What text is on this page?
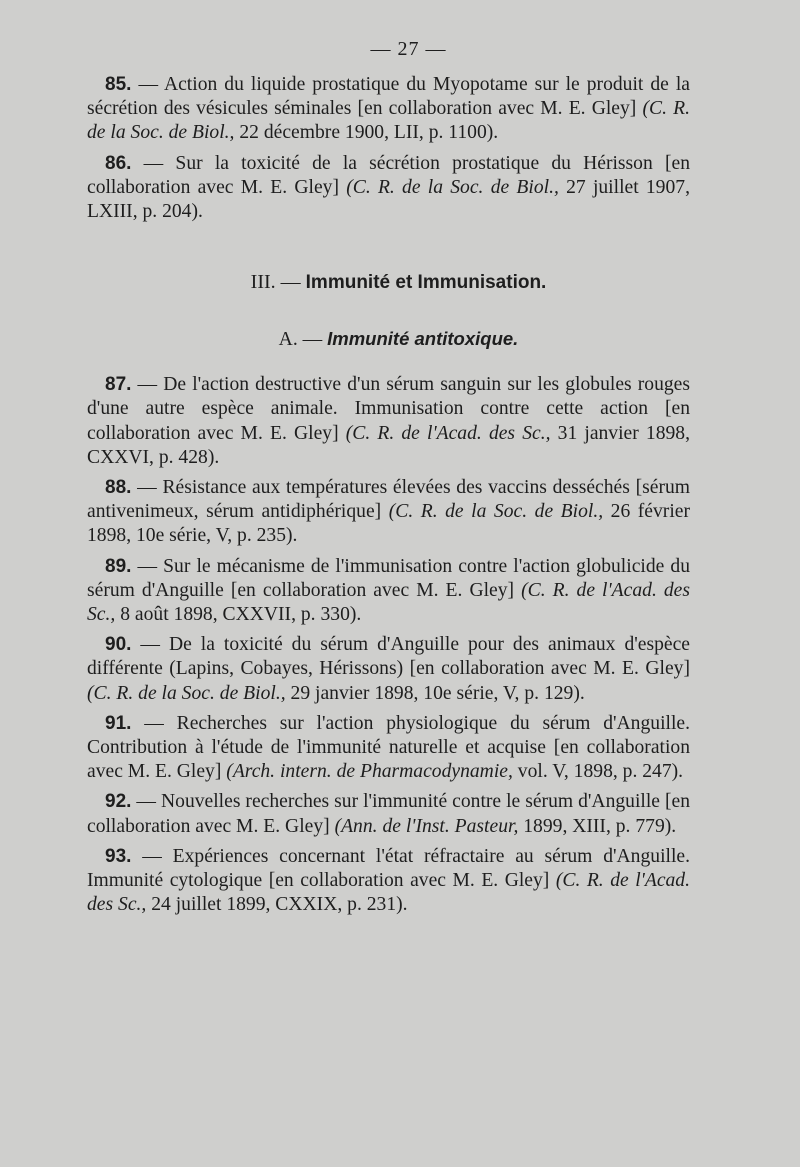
— 27 —

85. — Action du liquide prostatique du Myopotame sur le produit de la sécrétion des vésicules séminales [en collaboration avec M. E. Gley] (C. R. de la Soc. de Biol., 22 décembre 1900, LII, p. 1100).

86. — Sur la toxicité de la sécrétion prostatique du Hérisson [en collaboration avec M. E. Gley] (C. R. de la Soc. de Biol., 27 juillet 1907, LXIII, p. 204).

III. — Immunité et Immunisation.
A. — Immunité antitoxique.

87. — De l'action destructive d'un sérum sanguin sur les globules rouges d'une autre espèce animale. Immunisation contre cette action [en collaboration avec M. E. Gley] (C. R. de l'Acad. des Sc., 31 janvier 1898, CXXVI, p. 428).

88. — Résistance aux températures élevées des vaccins desséchés [sérum antivenimeux, sérum antidiphérique] (C. R. de la Soc. de Biol., 26 février 1898, 10e série, V, p. 235).

89. — Sur le mécanisme de l'immunisation contre l'action globulicide du sérum d'Anguille [en collaboration avec M. E. Gley] (C. R. de l'Acad. des Sc., 8 août 1898, CXXVII, p. 330).

90. — De la toxicité du sérum d'Anguille pour des animaux d'espèce différente (Lapins, Cobayes, Hérissons) [en collaboration avec M. E. Gley] (C. R. de la Soc. de Biol., 29 janvier 1898, 10e série, V, p. 129).

91. — Recherches sur l'action physiologique du sérum d'Anguille. Contribution à l'étude de l'immunité naturelle et acquise [en collaboration avec M. E. Gley] (Arch. intern. de Pharmacodynamie, vol. V, 1898, p. 247).

92. — Nouvelles recherches sur l'immunité contre le sérum d'Anguille [en collaboration avec M. E. Gley] (Ann. de l'Inst. Pasteur, 1899, XIII, p. 779).

93. — Expériences concernant l'état réfractaire au sérum d'Anguille. Immunité cytologique [en collaboration avec M. E. Gley] (C. R. de l'Acad. des Sc., 24 juillet 1899, CXXIX, p. 231).
